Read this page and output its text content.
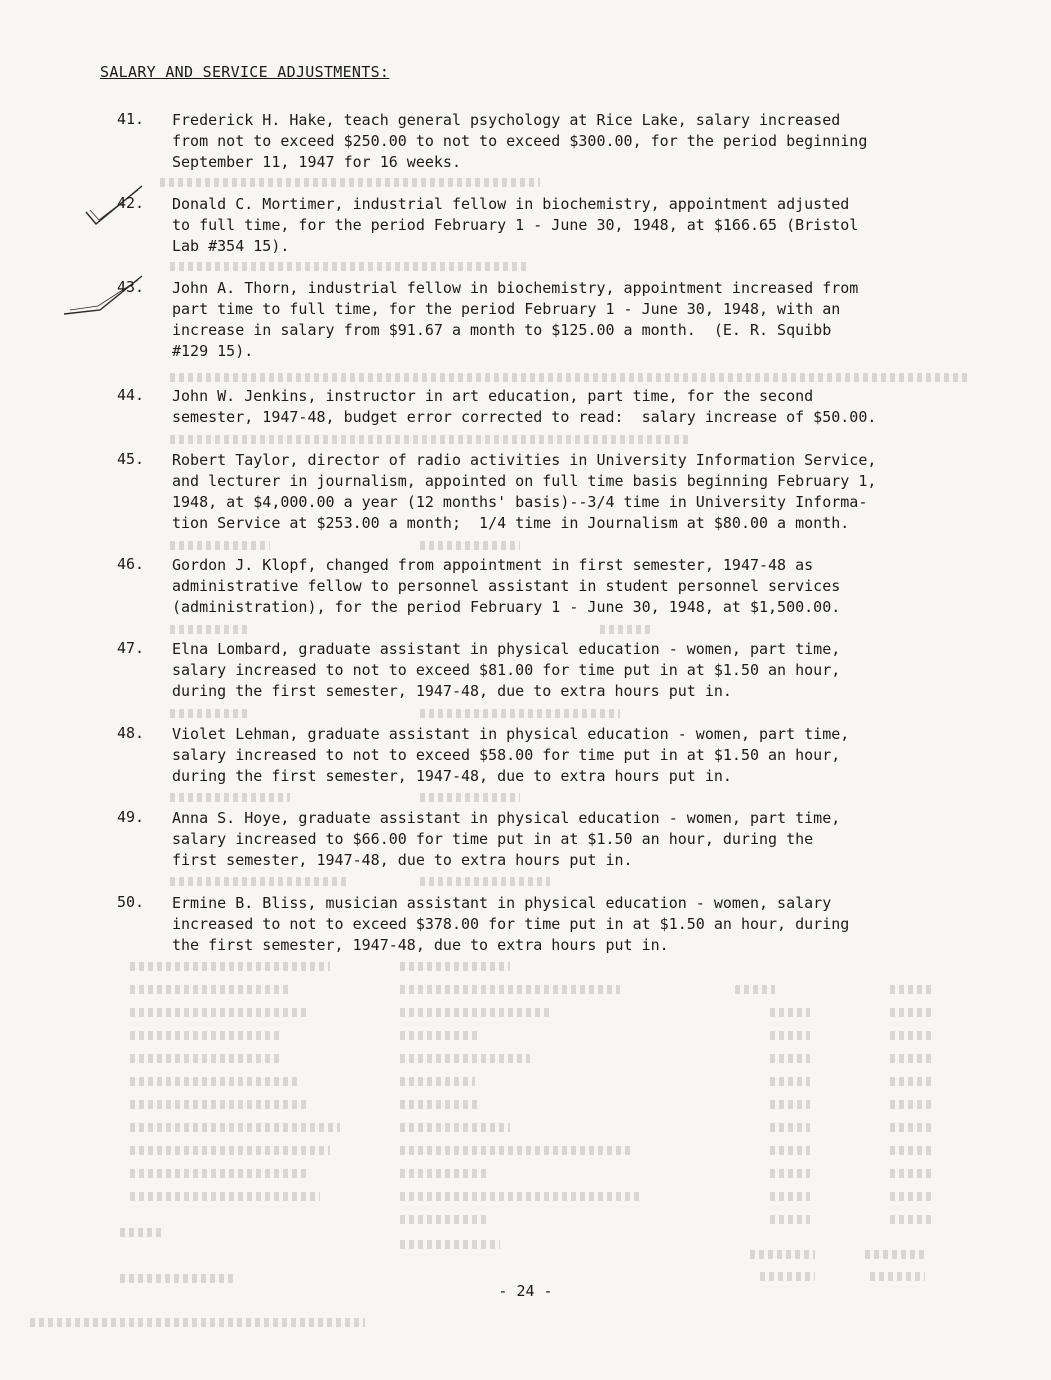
SALARY AND SERVICE ADJUSTMENTS:
41. Frederick H. Hake, teach general psychology at Rice Lake, salary increased
from not to exceed $250.00 to not to exceed $300.00, for the period beginning
September 11, 1947 for 16 weeks.
42. Donald C. Mortimer, industrial fellow in biochemistry, appointment adjusted
to full time, for the period February 1 - June 30, 1948, at $166.65 (Bristol
Lab #354 15).
43. John A. Thorn, industrial fellow in biochemistry, appointment increased from
part time to full time, for the period February 1 - June 30, 1948, with an
increase in salary from $91.67 a month to $125.00 a month.  (E. R. Squibb
#129 15).
44. John W. Jenkins, instructor in art education, part time, for the second
semester, 1947-48, budget error corrected to read:  salary increase of $50.00.
45. Robert Taylor, director of radio activities in University Information Service,
and lecturer in journalism, appointed on full time basis beginning February 1,
1948, at $4,000.00 a year (12 months' basis)--3/4 time in University Informa-
tion Service at $253.00 a month;  1/4 time in Journalism at $80.00 a month.
46. Gordon J. Klopf, changed from appointment in first semester, 1947-48 as
administrative fellow to personnel assistant in student personnel services
(administration), for the period February 1 - June 30, 1948, at $1,500.00.
47. Elna Lombard, graduate assistant in physical education - women, part time,
salary increased to not to exceed $81.00 for time put in at $1.50 an hour,
during the first semester, 1947-48, due to extra hours put in.
48. Violet Lehman, graduate assistant in physical education - women, part time,
salary increased to not to exceed $58.00 for time put in at $1.50 an hour,
during the first semester, 1947-48, due to extra hours put in.
49. Anna S. Hoye, graduate assistant in physical education - women, part time,
salary increased to $66.00 for time put in at $1.50 an hour, during the
first semester, 1947-48, due to extra hours put in.
50. Ermine B. Bliss, musician assistant in physical education - women, salary
increased to not to exceed $378.00 for time put in at $1.50 an hour, during
the first semester, 1947-48, due to extra hours put in.
- 24 -
